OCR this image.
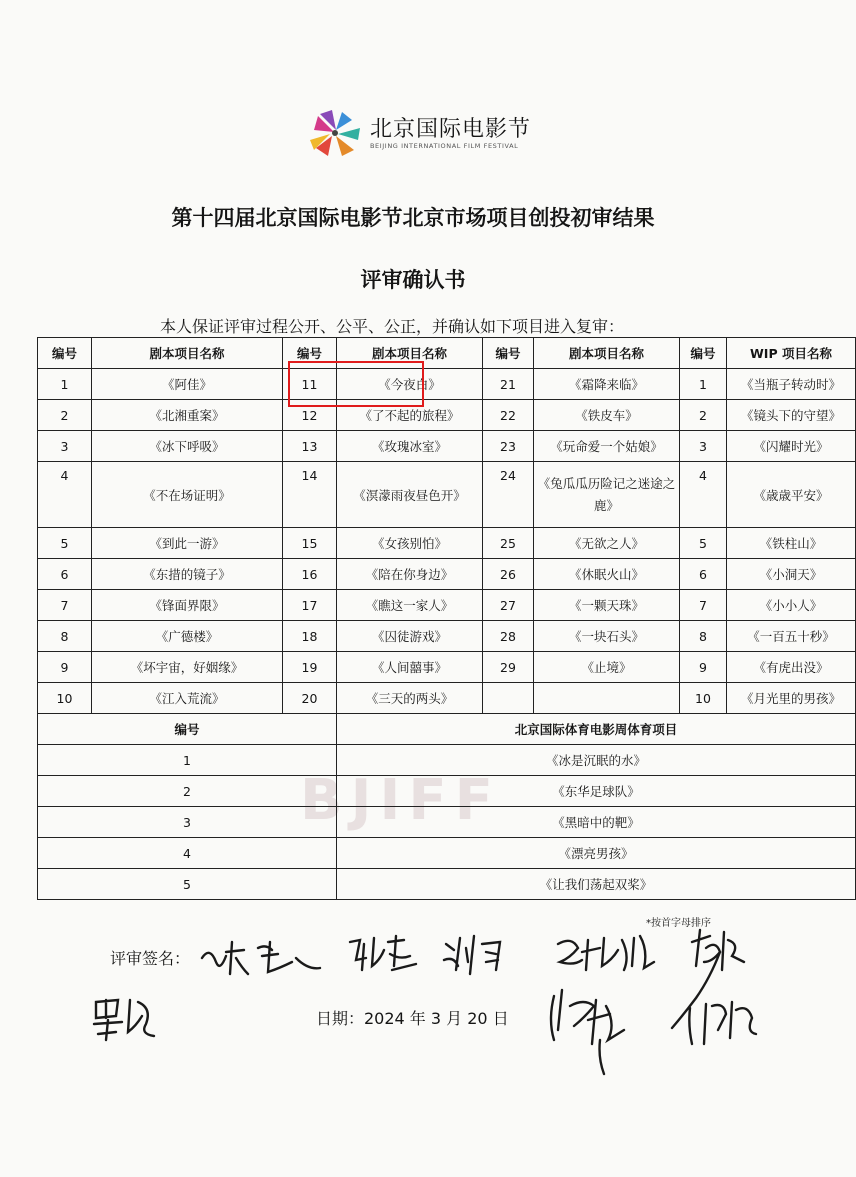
北京国际电影节
BEIJING INTERNATIONAL FILM FESTIVAL
第十四届北京国际电影节北京市场项目创投初审结果
评审确认书
本人保证评审过程公开、公平、公正，并确认如下项目进入复审：
BJIFF
编号	剧本项目名称	编号	剧本项目名称	编号	剧本项目名称	编号	WIP 项目名称
1	《阿佳》	11	《今夜白》	21	《霜降来临》	1	《当瓶子转动时》
2	《北湘重案》	12	《了不起的旅程》	22	《铁皮车》	2	《镜头下的守望》
3	《冰下呼吸》	13	《玫瑰冰室》	23	《玩命爱一个姑娘》	3	《闪耀时光》
4	《不在场证明》	14	《溟濛雨夜昼色开》	24	《兔瓜瓜历险记之迷途之鹿》	4	《歳歳平安》
5	《到此一游》	15	《女孩别怕》	25	《无欲之人》	5	《铁柱山》
6	《东措的镜子》	16	《陪在你身边》	26	《休眠火山》	6	《小洞天》
7	《锋面界限》	17	《瞧这一家人》	27	《一颗天珠》	7	《小小人》
8	《广德楼》	18	《囚徒游戏》	28	《一块石头》	8	《一百五十秒》
9	《坏宇宙，好姻缘》	19	《人间囍事》	29	《止境》	9	《有虎出没》
10	《江入荒流》	20	《三天的两头》			10	《月光里的男孩》
编号			北京国际体育电影周体育项目				
1			《冰是沉眠的水》				
2			《东华足球队》				
3			《黑暗中的靶》				
4			《漂亮男孩》				
5			《让我们荡起双桨》				
*按首字母排序
评审签名：
日期：2024 年 3 月 20 日
